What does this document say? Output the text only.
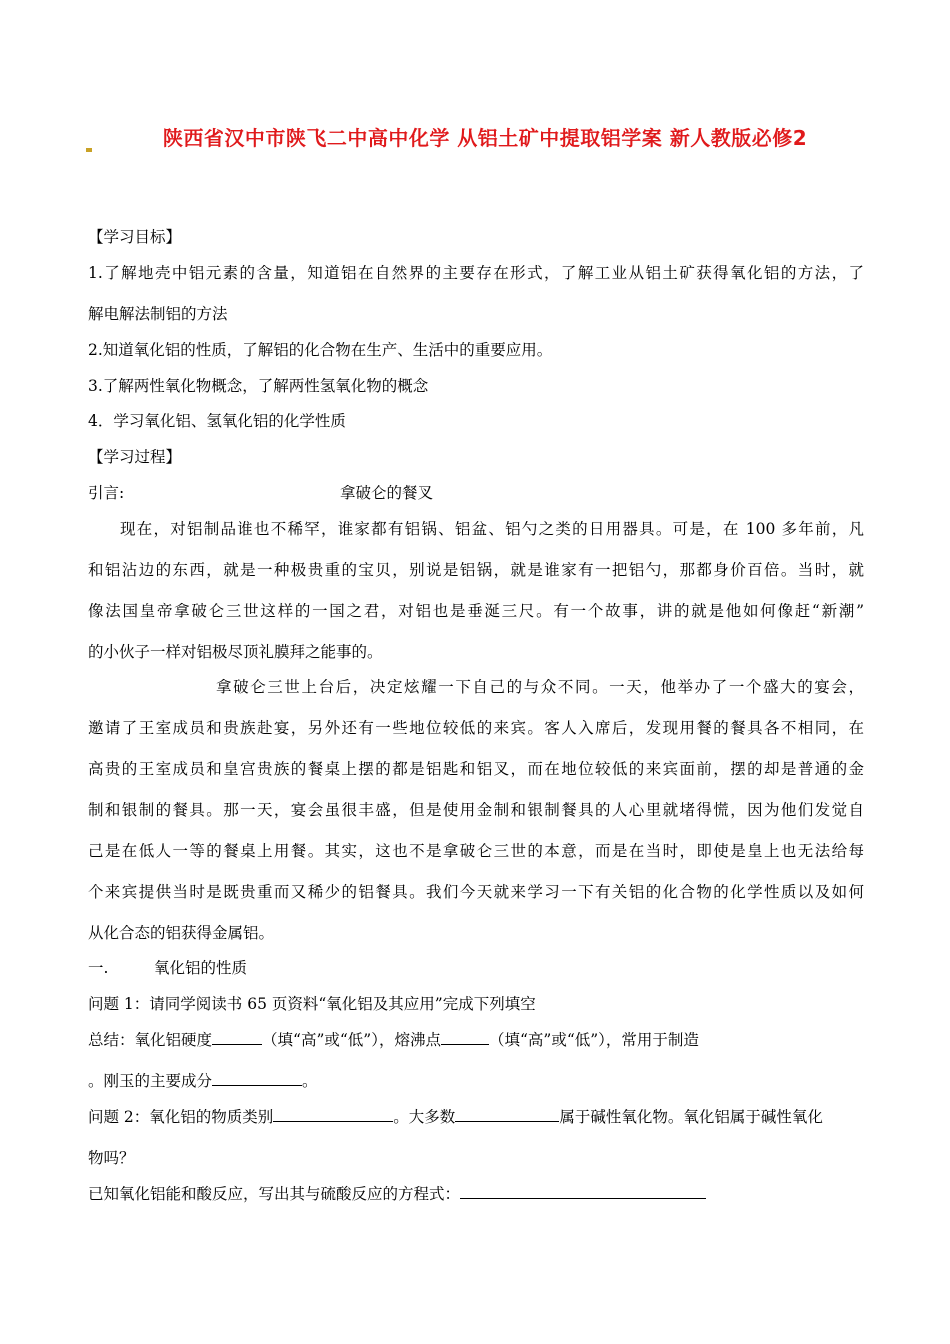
陕西省汉中市陕飞二中高中化学 从铝土矿中提取铝学案 新人教版必修2
【学习目标】
1.了解地壳中铝元素的含量，知道铝在自然界的主要存在形式，了解工业从铝土矿获得氧化铝的方法，了
解电解法制铝的方法
2.知道氧化铝的性质，了解铝的化合物在生产、生活中的重要应用。
3.了解两性氧化物概念，了解两性氢氧化物的概念
4．学习氧化铝、氢氧化铝的化学性质
【学习过程】
引言:	拿破仑的餐叉
现在，对铝制品谁也不稀罕，谁家都有铝锅、铝盆、铝勺之类的日用器具。可是，在 100 多年前，凡
和铝沾边的东西，就是一种极贵重的宝贝，别说是铝锅，就是谁家有一把铝勺，那都身价百倍。当时，就
像法国皇帝拿破仑三世这样的一国之君，对铝也是垂涎三尺。有一个故事，讲的就是他如何像赶“新潮”
的小伙子一样对铝极尽顶礼膜拜之能事的。
拿破仑三世上台后，决定炫耀一下自己的与众不同。一天，他举办了一个盛大的宴会，
邀请了王室成员和贵族赴宴，另外还有一些地位较低的来宾。客人入席后，发现用餐的餐具各不相同，在
高贵的王室成员和皇宫贵族的餐桌上摆的都是铝匙和铝叉，而在地位较低的来宾面前，摆的却是普通的金
制和银制的餐具。那一天，宴会虽很丰盛，但是使用金制和银制餐具的人心里就堵得慌，因为他们发觉自
己是在低人一等的餐桌上用餐。其实，这也不是拿破仑三世的本意，而是在当时，即使是皇上也无法给每
个来宾提供当时是既贵重而又稀少的铝餐具。我们今天就来学习一下有关铝的化合物的化学性质以及如何
从化合态的铝获得金属铝。
一.	氧化铝的性质
问题 1：请同学阅读书 65 页资料“氧化铝及其应用”完成下列填空
总结：氧化铝硬度	（填“高”或“低”），熔沸点	（填“高”或“低”），常用于制造
。刚玉的主要成分	。
问题 2：氧化铝的物质类别	。大多数	属于碱性氧化物。氧化铝属于碱性氧化
物吗？
已知氧化铝能和酸反应，写出其与硫酸反应的方程式：
